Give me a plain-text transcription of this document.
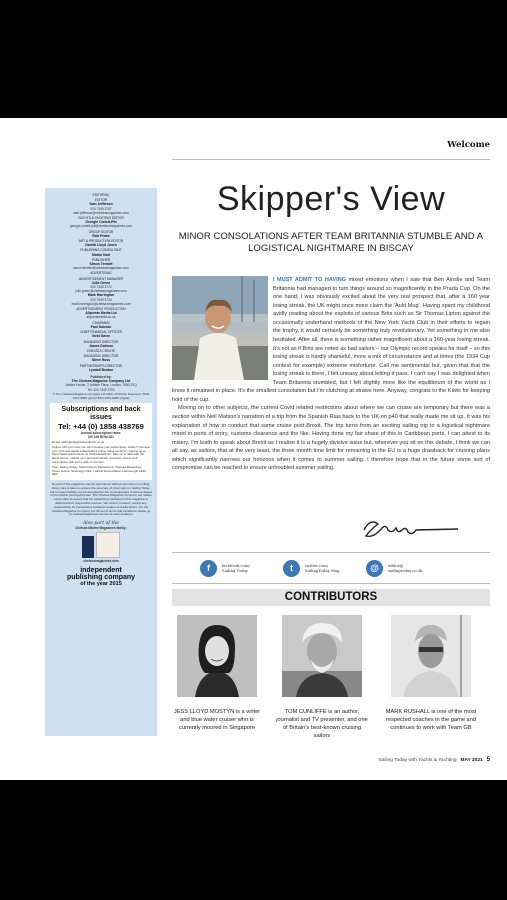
Welcome
EDITORIAL
EDITOR
Sam Jefferson
020 7349 3787
sam.jefferson@chelseamagazines.com
YACHTS & YACHTING EDITOR
Georgie Corlett-Pitt
georgie.corlett-pitt@chelseamagazines.com
GROUP EDITOR
Rob Peake
ART & PRODUCTION EDITOR
Gareth Lloyd Jones
PUBLISHING CONSULTANT
Martin Nott
PUBLISHER
Simon Temlett
simon.temlett@chelseamagazines.com
ADVERTISING
ADVERTISEMENT MANAGER
Julie Green
020 7349 3722
julie.green@chelseamagazines.com
Mark Harrington
020 7349 3734
mark.harrington@chelseamagazines.com
ADVERTISEMENT PRODUCTION
Allpoints Media Ltd
allpointsmedia.co.uk
CHAIRMAN
Paul Dobson
CHIEF FINANCIAL OFFICER
Vicki Gavin
MANAGING DIRECTOR
James Dobson
CHELSEA CREATE
MANAGING DIRECTOR
Steve Ross
PARTNERSHIPS DIRECTOR
Lyndall Beaton
Published by:
The Chelsea Magazine Company Ltd
Jubilee House, 2 Jubilee Place, London, SW3 3TQ
Tel: 020 7349 3700
© The Chelsea Magazine Company Ltd 2020. All Rights Reserved. ISSN 1367-5869 (print) ISSN 2059-9285 (digital)
Subscriptions and back issues
Tel: +44 (0) 1858 438769
Annual subscription rates:
UK £49 ROW £81
Email: sailingtoday@subscription.co.uk
Online: Did you know you can manage your subscription online? Oversee your print and digital subscriptions online today simply by signing up at https://www.subscription.co.uk/chelsea/Solo/. Stay up to date with the latest issues, update your personal details, and even renew your subscription with just a click of a button.
Post: Sailing Today, Subscriptions Department, Chelsea Magazines, Tower House, Sovereign Park, Lathkill Street Market Harborough LE16 9EF
No part of this magazine may be reproduced without permission in writing. Every care is taken to ensure the accuracy of information in Sailing Today, but no responsibility can be accepted for the consequences of actions based on the advice portrayed herein. The Chelsea Magazine Company Ltd makes every effort to ensure that the advertising contained in this magazine is delivered from responsible sources. We cannot, however, accept any responsibility for transactions between readers and advertisers. For the Chelsea Magazine Company Ltd full set of terms and conditions please go to chelseamagazines.com/terms-and-conditions
Also part of the
Chelsea Marine Magazines family:
chelseamagazines.com
independent
publishing company
of the year 2015
Skipper's View
MINOR CONSOLATIONS AFTER TEAM BRITANNIA STUMBLE AND A LOGISTICAL NIGHTMARE IN BISCAY

I MUST ADMIT TO HAVING mixed emotions when I saw that Ben Ainslie and Team Britannia had managed to turn things around so magnificently in the Prada Cup. On the one hand, I was obviously excited about the very real prospect that, after a 160 year losing streak, the UK might once more claim the 'Auld Mug'. Having spent my childhood avidly reading about the exploits of various Brits such as Sir Thomas Lipton against the occasionally underhand methods of the New York Yacht Club in their efforts to regain the trophy, it would certainly be something truly revolutionary. Yet something in me also hesitated. After all, there is something rather magnificent about a 160-year losing streak. It's not as if Brits are noted as bad sailors – our Olympic record speaks for itself – so this losing streak is hardly shameful, more a mix of circumstance and at times (the 1934 Cup contest for example) extreme misfortune. Call me sentimental but, given that that the losing streak is there, I felt uneasy about letting it pass. I can't say I was delighted when Team Britannia stumbled, but I felt slightly more like the equilibrium of the world as I know it remained in place. It's the smallest consolation but I'm clutching at straws here. Anyway, congrats to the Kiwis for keeping hold of the cup.

Moving on to other subjects, the current Covid related restrictions about where we can cruise are temporary but there was a section within Neil Matson's narration of a trip from the Spanish Rias back to the UK on p40 that really made me sit up. It was his explanation of how to conduct that same cruise post Brexit. The trip turns from an exciting sailing trip to a logistical nightmare mired in ports of entry, customs clearance and the like. Having done my fair share of this in Caribbean ports, I can attest to its misery. I'm loath to speak about Brexit as I realise it is a hugely divisive issue but, wherever you sit on this debate, I think we can all say, as sailors, that at the very least, the three month time limit for remaining in the EU is a huge drawback for cruising plans which significantly narrows our horizons when it comes to summer sailing. I therefore hope that in the future some sort of compromise can be reached to ensure unhoubled summer sailing.

f	facebook.com/
Sailing Today	t	twitter.com/
SailingToday Mag	@	editor@
sailingtoday.co.uk
CONTRIBUTORS
JESS LLOYD MOSTYN is a writer and blue water cruiser who is currently moored in Singapore
TOM CUNLIFFE is an author, journalist and TV presenter, and one of Britain's best-known cruising sailors
MARK RUSHALL is one of the most respected coaches in the game and continues to work with Team GB
Sailing Today with Yachts & Yachting MAY 2021 5
